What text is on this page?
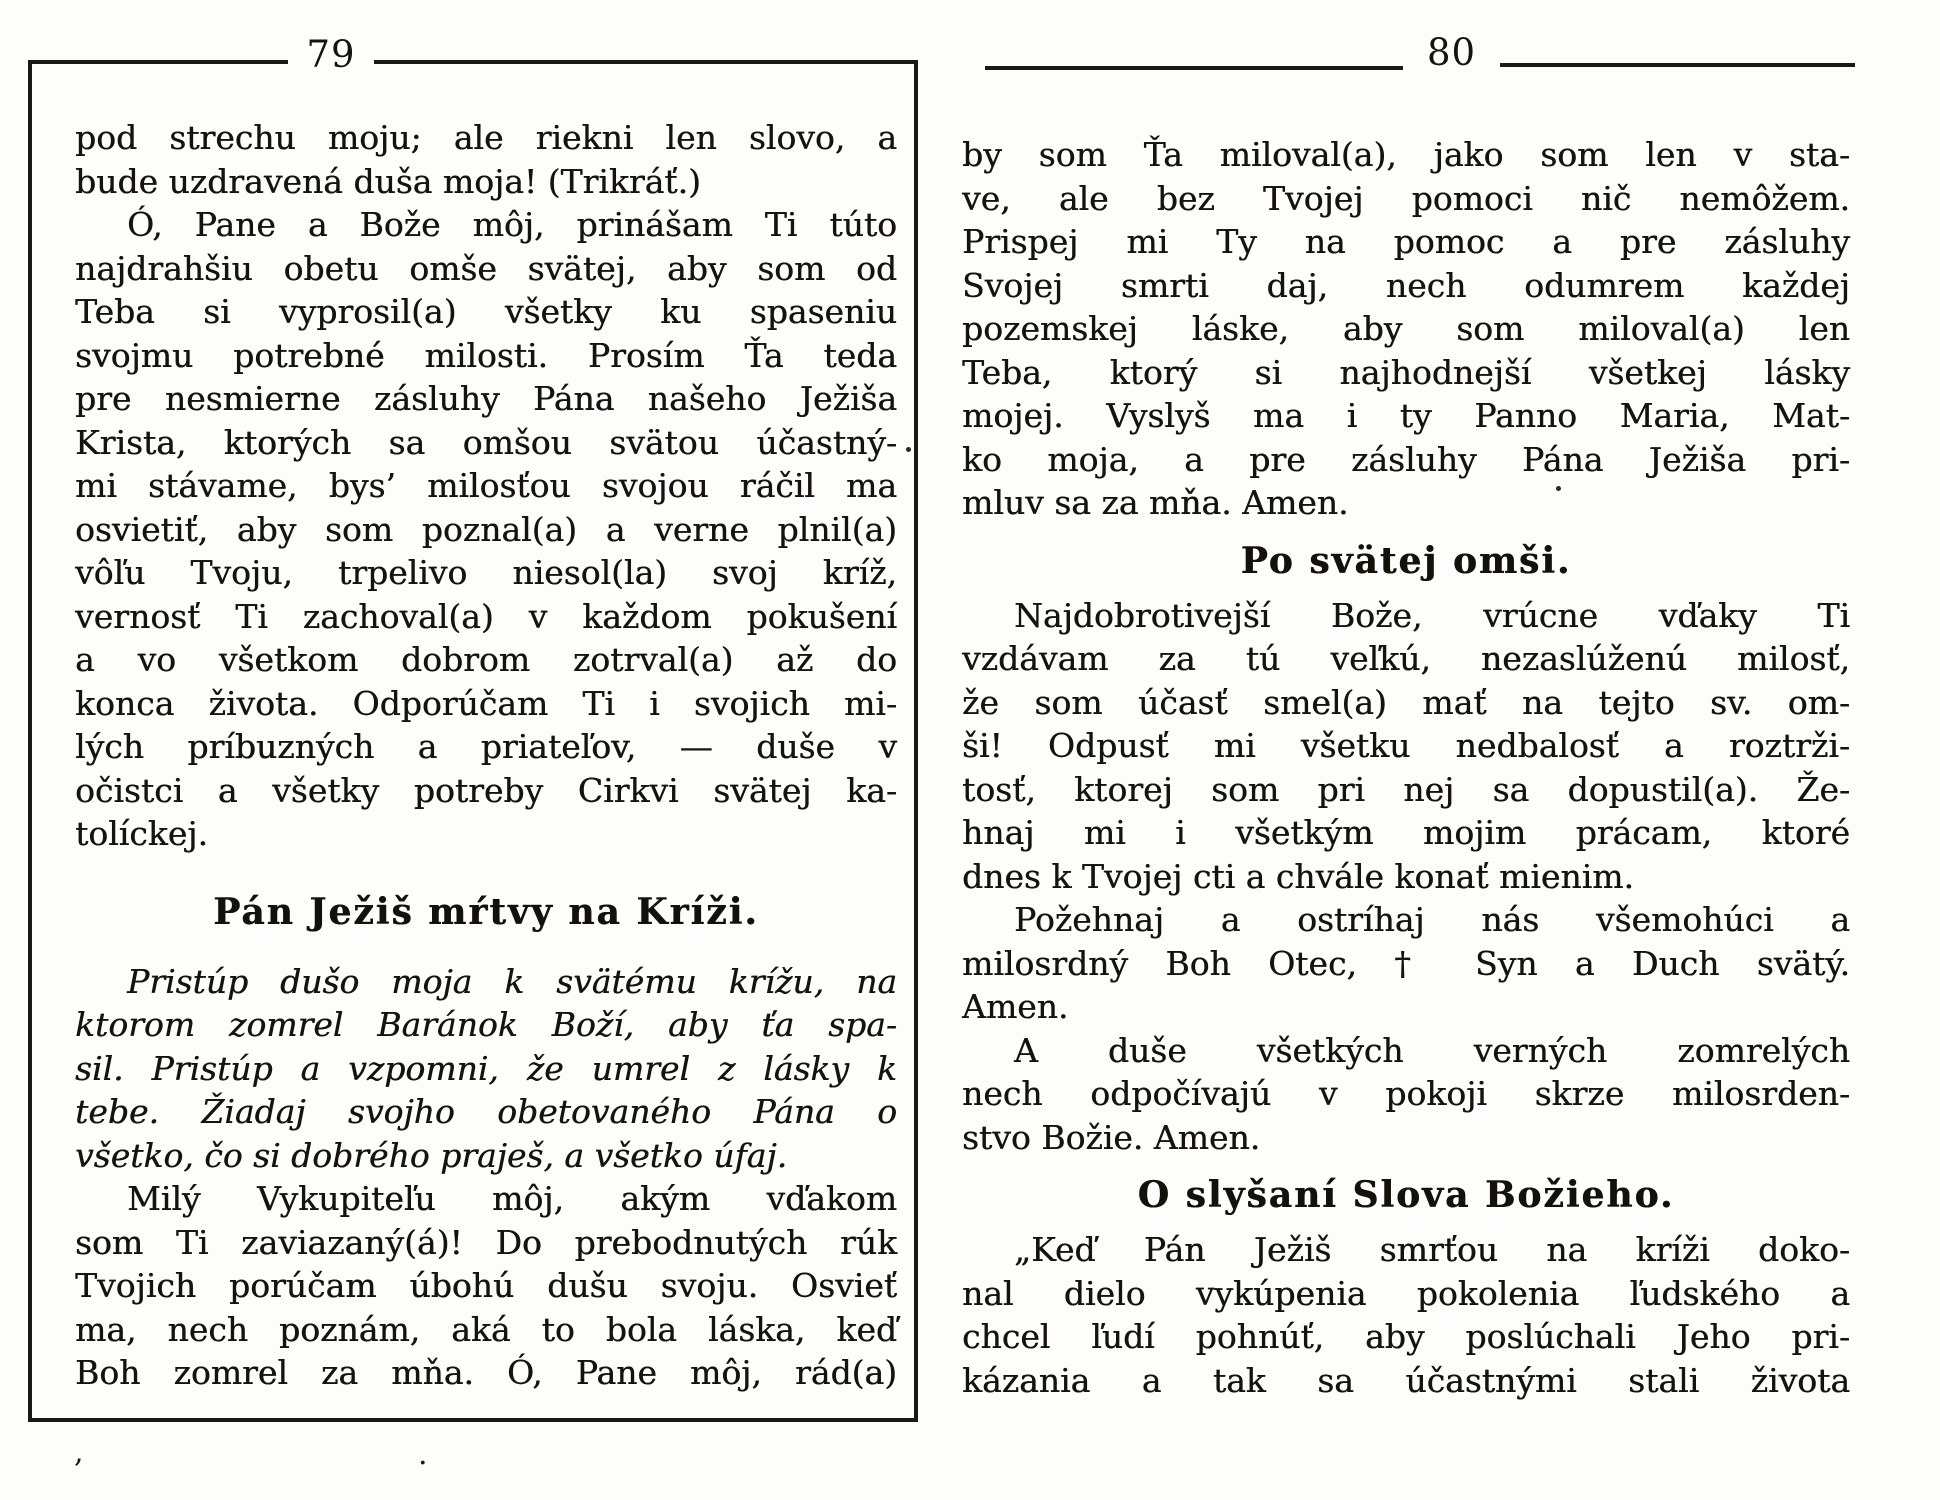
79
pod strechu moju; ale riekni len slovo, a
bude uzdravená duša moja! (Trikráť.)
Ó, Pane a Bože môj, prinášam Ti túto
najdrahšiu obetu omše svätej, aby som od
Teba si vyprosil(a) všetky ku spaseniu
svojmu potrebné milosti. Prosím Ťa teda
pre nesmierne zásluhy Pána našeho Ježiša
Krista, ktorých sa omšou svätou účastný-
mi stávame, bys’ milosťou svojou ráčil ma
osvietiť, aby som poznal(a) a verne plnil(a)
vôľu Tvoju, trpelivo niesol(la) svoj kríž,
vernosť Ti zachoval(a) v každom pokušení
a vo všetkom dobrom zotrval(a) až do
konca života. Odporúčam Ti i svojich mi-
lých príbuzných a priateľov, — duše v
očistci a všetky potreby Cirkvi svätej ka-
tolíckej.
Pán Ježiš mŕtvy na Kríži.
Pristúp dušo moja k svätému krížu, na
ktorom zomrel Baránok Boží, aby ťa spa-
sil. Pristúp a vzpomni, že umrel z lásky k
tebe. Žiadaj svojho obetovaného Pána o
všetko, čo si dobrého praješ, a všetko úfaj.
Milý Vykupiteľu môj, akým vďakom
som Ti zaviazaný(á)! Do prebodnutých rúk
Tvojich porúčam úbohú dušu svoju. Osvieť
ma, nech poznám, aká to bola láska, keď
Boh zomrel za mňa. Ó, Pane môj, rád(a)
80
by som Ťa miloval(a), jako som len v sta-
ve, ale bez Tvojej pomoci nič nemôžem.
Prispej mi Ty na pomoc a pre zásluhy
Svojej smrti daj, nech odumrem každej
pozemskej láske, aby som miloval(a) len
Teba, ktorý si najhodnejší všetkej lásky
mojej. Vyslyš ma i ty Panno Maria, Mat-
ko moja, a pre zásluhy Pána Ježiša pri-
mluv sa za mňa. Amen.
Po svätej omši.
Najdobrotivejší Bože, vrúcne vďaky Ti
vzdávam za tú veľkú, nezaslúženú milosť,
že som účasť smel(a) mať na tejto sv. om-
ši! Odpusť mi všetku nedbalosť a roztrži-
tosť, ktorej som pri nej sa dopustil(a). Že-
hnaj mi i všetkým mojim prácam, ktoré
dnes k Tvojej cti a chvále konať mienim.
Požehnaj a ostríhaj nás všemohúci a
milosrdný Boh Otec, † Syn a Duch svätý.
Amen.
A duše všetkých verných zomrelých
nech odpočívajú v pokoji skrze milosrden-
stvo Božie. Amen.
O slyšaní Slova Božieho.
„Keď Pán Ježiš smrťou na kríži doko-
nal dielo vykúpenia pokolenia ľudského a
chcel ľudí pohnúť, aby poslúchali Jeho pri-
kázania a tak sa účastnými stali života
,	.
